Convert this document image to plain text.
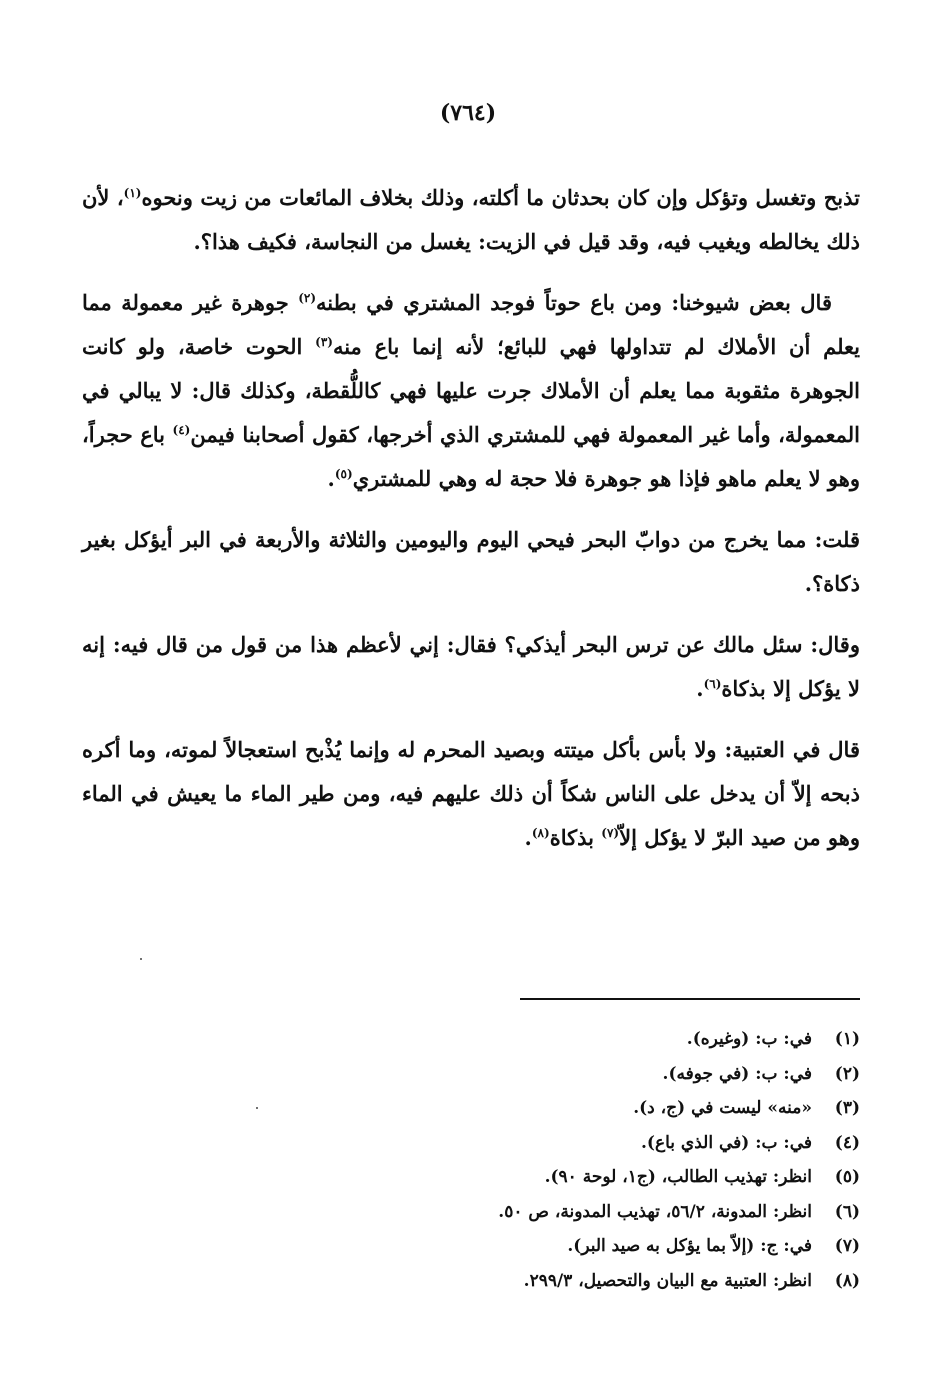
(٧٦٤)

تذبح وتغسل وتؤكل وإن كان بحدثان ما أكلته، وذلك بخلاف المائعات من زيت ونحوه$^{(١)}$، لأن ذلك يخالطه ويغيب فيه، وقد قيل في الزيت: يغسل من النجاسة، فكيف هذا؟.

قال بعض شيوخنا: ومن باع حوتاً فوجد المشتري في بطنه$^{(٢)}$ جوهرة غير معمولة مما يعلم أن الأملاك لم تتداولها فهي للبائع؛ لأنه إنما باع منه$^{(٣)}$ الحوت خاصة، ولو كانت الجوهرة مثقوبة مما يعلم أن الأملاك جرت عليها فهي كاللُّقطة، وكذلك قال: لا يبالي في المعمولة، وأما غير المعمولة فهي للمشتري الذي أخرجها، كقول أصحابنا فيمن$^{(٤)}$ باع حجراً، وهو لا يعلم ماهو فإذا هو جوهرة فلا حجة له وهي للمشتري$^{(٥)}$.

قلت: مما يخرج من دوابّ البحر فيحي اليوم واليومين والثلاثة والأربعة في البر أيؤكل بغير ذكاة؟.

وقال: سئل مالك عن ترس البحر أيذكي؟ فقال: إني لأعظم هذا من قول من قال فيه: إنه لا يؤكل إلا بذكاة$^{(٦)}$.

قال في العتبية: ولا بأس بأكل ميتته وبصيد المحرم له وإنما يُذْبح استعجالاً لموته، وما أكره ذبحه إلاّ أن يدخل على الناس شكاً أن ذلك عليهم فيه، ومن طير الماء ما يعيش في الماء وهو من صيد البرّ لا يؤكل إلاّ$^{(٧)}$ بذكاة$^{(٨)}$.

(١)
في: ب: (وغيره).
(٢)
في: ب: (في جوفه).
(٣)
«منه» ليست في (ج، د).
(٤)
في: ب: (في الذي باع).
(٥)
انظر: تهذيب الطالب، (ج١، لوحة ٩٠).
(٦)
انظر: المدونة، ٥٦/٢، تهذيب المدونة، ص ٥٠.
(٧)
في: ج: (إلاّ بما يؤكل به صيد البر).
(٨)
انظر: العتبية مع البيان والتحصيل، ٢٩٩/٣.
